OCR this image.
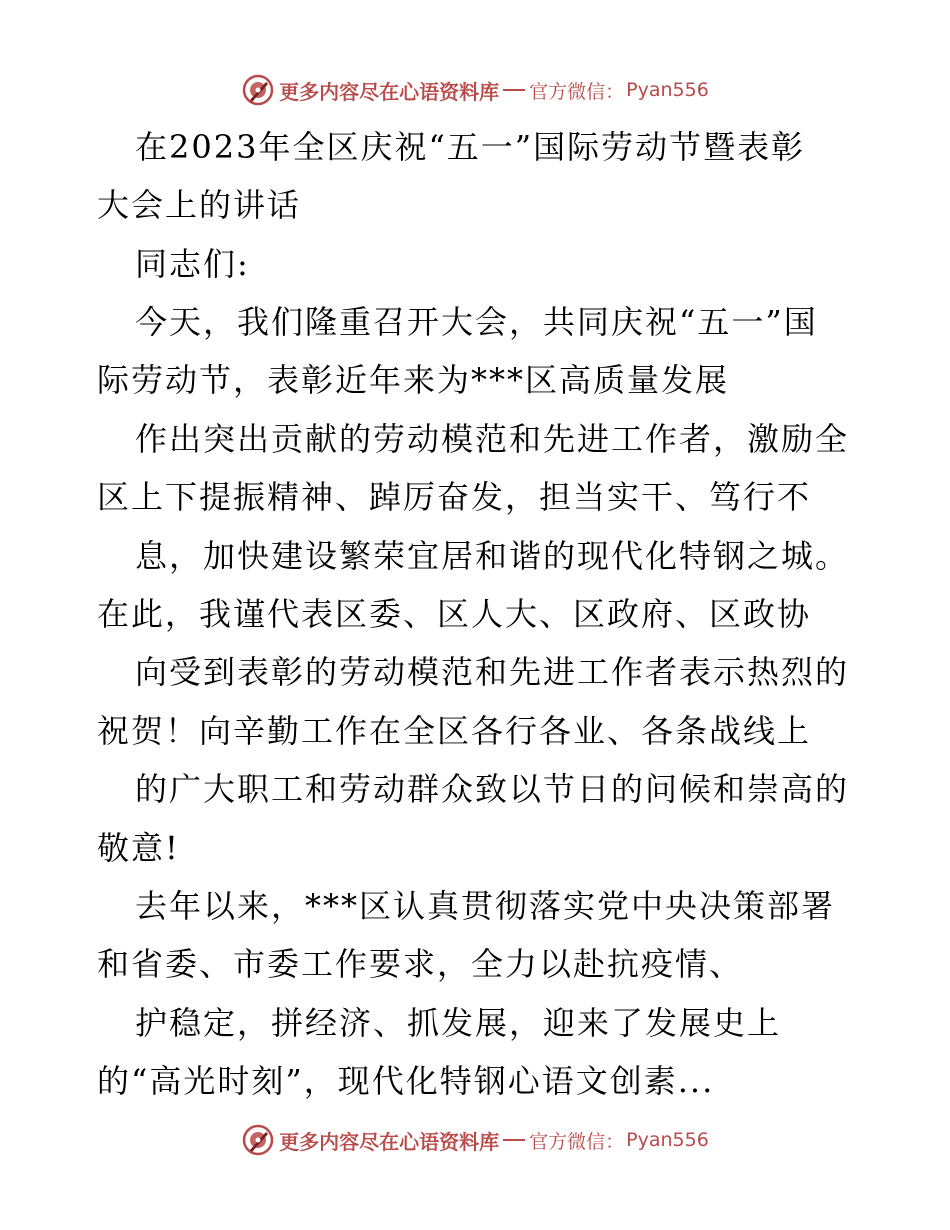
更多内容尽在心语资料库 官方微信： Pyan556
在2023年全区庆祝“五一”国际劳动节暨表彰
大会上的讲话
同志们:
今天，我们隆重召开大会，共同庆祝“五一”国
际劳动节，表彰近年来为***区高质量发展
作出突出贡献的劳动模范和先进工作者，激励全
区上下提振精神、踔厉奋发，担当实干、笃行不
息，加快建设繁荣宜居和谐的现代化特钢之城。
在此，我谨代表区委、区人大、区政府、区政协
向受到表彰的劳动模范和先进工作者表示热烈的
祝贺！向辛勤工作在全区各行各业、各条战线上
的广大职工和劳动群众致以节日的问候和崇高的
敬意!
去年以来，***区认真贯彻落实党中央决策部署
和省委、市委工作要求，全力以赴抗疫情、
护稳定，拼经济、抓发展，迎来了发展史上
的“高光时刻”，现代化特钢心语文创素...
更多内容尽在心语资料库 官方微信： Pyan556
